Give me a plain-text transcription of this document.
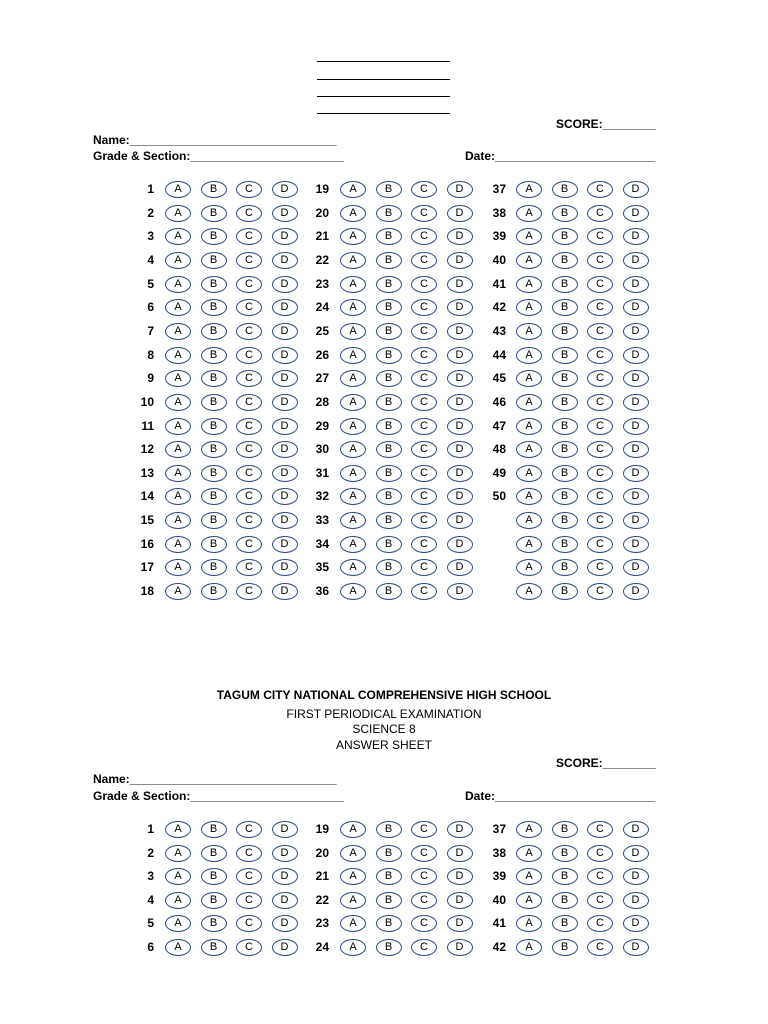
SCORE:________
Name:_______________________________
Grade & Section:_______________________	Date:________________________
1	A	B	C	D
2	A	B	C	D
3	A	B	C	D
4	A	B	C	D
5	A	B	C	D
6	A	B	C	D
7	A	B	C	D
8	A	B	C	D
9	A	B	C	D
10	A	B	C	D
11	A	B	C	D
12	A	B	C	D
13	A	B	C	D
14	A	B	C	D
15	A	B	C	D
16	A	B	C	D
17	A	B	C	D
18	A	B	C	D
19	A	B	C	D
20	A	B	C	D
21	A	B	C	D
22	A	B	C	D
23	A	B	C	D
24	A	B	C	D
25	A	B	C	D
26	A	B	C	D
27	A	B	C	D
28	A	B	C	D
29	A	B	C	D
30	A	B	C	D
31	A	B	C	D
32	A	B	C	D
33	A	B	C	D
34	A	B	C	D
35	A	B	C	D
36	A	B	C	D
37	A	B	C	D
38	A	B	C	D
39	A	B	C	D
40	A	B	C	D
41	A	B	C	D
42	A	B	C	D
43	A	B	C	D
44	A	B	C	D
45	A	B	C	D
46	A	B	C	D
47	A	B	C	D
48	A	B	C	D
49	A	B	C	D
50	A	B	C	D
A	B	C	D
A	B	C	D
A	B	C	D
A	B	C	D
TAGUM CITY NATIONAL COMPREHENSIVE HIGH SCHOOL
FIRST PERIODICAL EXAMINATION
SCIENCE 8
ANSWER SHEET
SCORE:________
Name:_______________________________
Grade & Section:_______________________	Date:________________________
1	A	B	C	D
2	A	B	C	D
3	A	B	C	D
4	A	B	C	D
5	A	B	C	D
6	A	B	C	D
19	A	B	C	D
20	A	B	C	D
21	A	B	C	D
22	A	B	C	D
23	A	B	C	D
24	A	B	C	D
37	A	B	C	D
38	A	B	C	D
39	A	B	C	D
40	A	B	C	D
41	A	B	C	D
42	A	B	C	D
